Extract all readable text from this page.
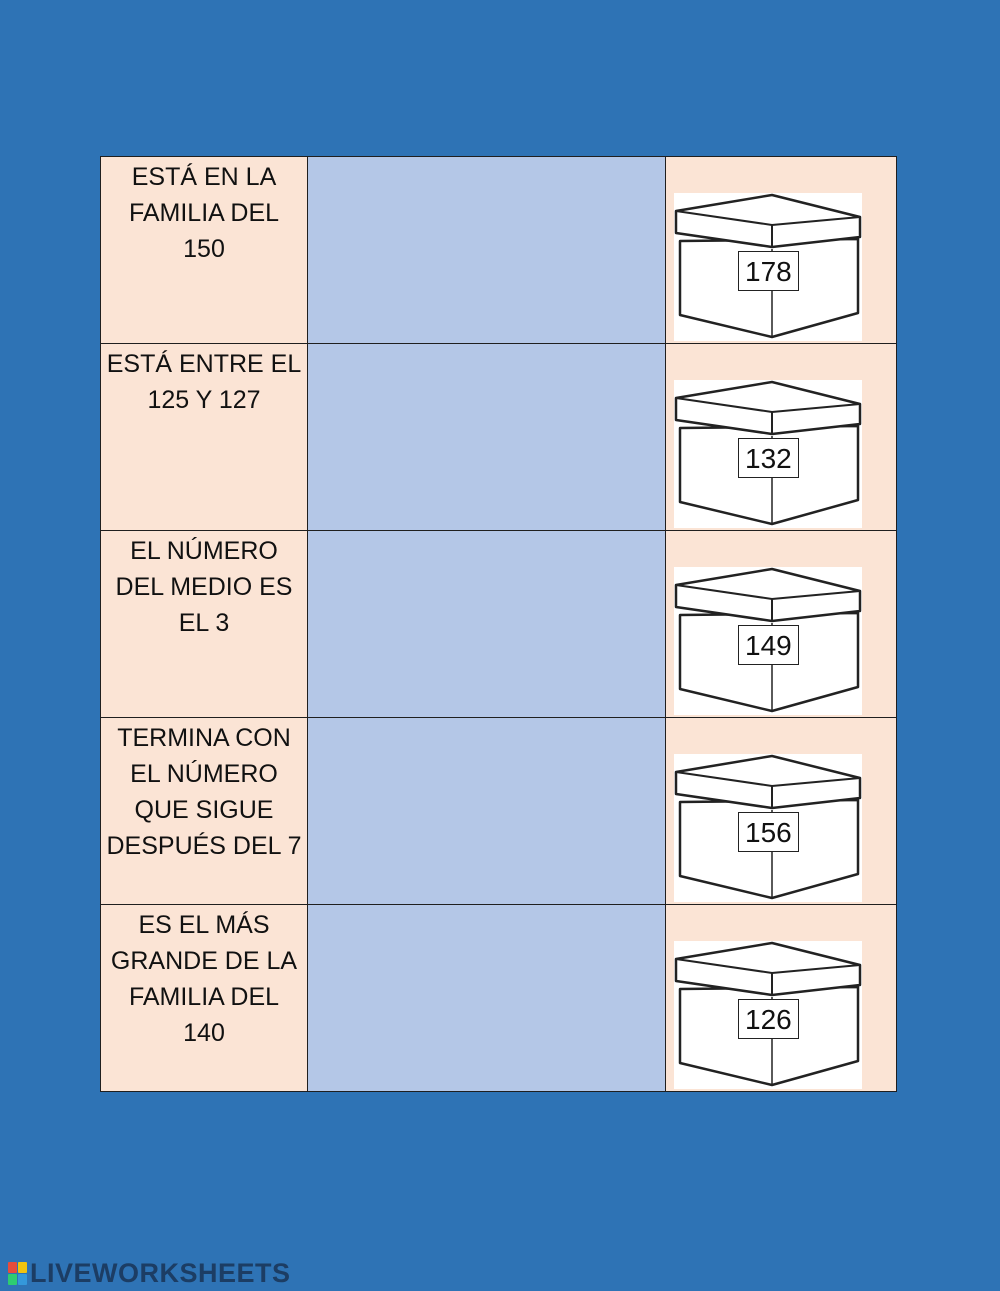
ESTÁ EN LA
FAMILIA DEL
150		178

ESTÁ ENTRE EL
125 Y 127		132

EL NÚMERO
DEL MEDIO ES
EL 3		149

TERMINA CON
EL NÚMERO
QUE SIGUE
DESPUÉS DEL 7		156

ES EL MÁS
GRANDE DE LA
FAMILIA DEL
140		126
LIVEWORKSHEETS
